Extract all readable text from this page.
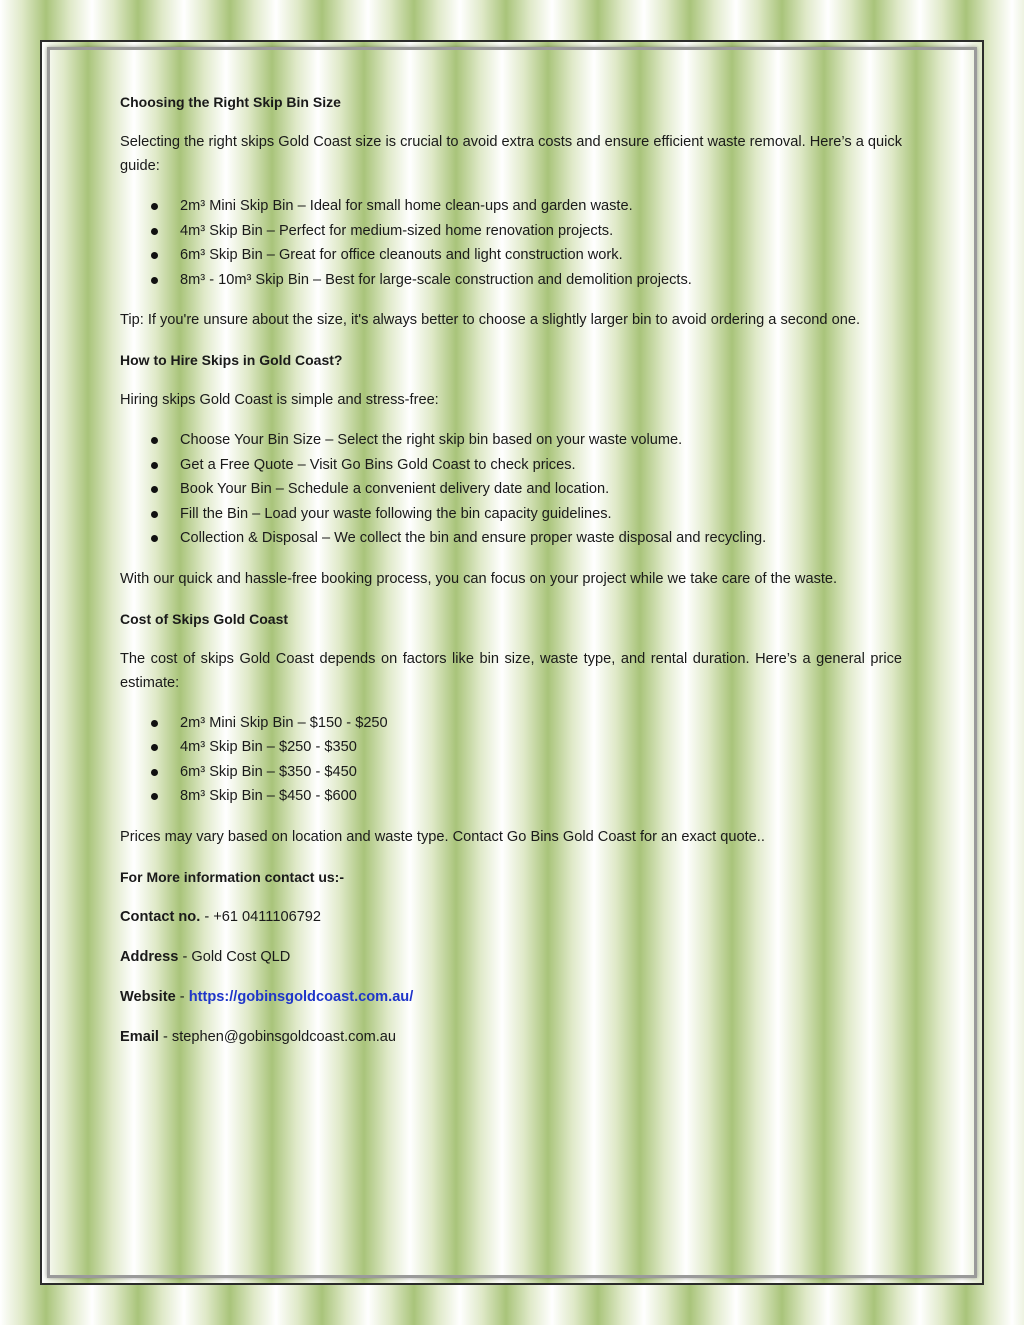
Choosing the Right Skip Bin Size

Selecting the right skips Gold Coast size is crucial to avoid extra costs and ensure efficient waste removal. Here’s a quick guide:

2m³ Mini Skip Bin – Ideal for small home clean-ups and garden waste.
4m³ Skip Bin – Perfect for medium-sized home renovation projects.
6m³ Skip Bin – Great for office cleanouts and light construction work.
8m³ - 10m³ Skip Bin – Best for large-scale construction and demolition projects.

Tip: If you're unsure about the size, it's always better to choose a slightly larger bin to avoid ordering a second one.

How to Hire Skips in Gold Coast?

Hiring skips Gold Coast is simple and stress-free:

Choose Your Bin Size – Select the right skip bin based on your waste volume.
Get a Free Quote – Visit Go Bins Gold Coast to check prices.
Book Your Bin – Schedule a convenient delivery date and location.
Fill the Bin – Load your waste following the bin capacity guidelines.
Collection & Disposal – We collect the bin and ensure proper waste disposal and recycling.

With our quick and hassle-free booking process, you can focus on your project while we take care of the waste.

Cost of Skips Gold Coast

The cost of skips Gold Coast depends on factors like bin size, waste type, and rental duration. Here’s a general price estimate:

2m³ Mini Skip Bin – $150 - $250
4m³ Skip Bin – $250 - $350
6m³ Skip Bin – $350 - $450
8m³ Skip Bin – $450 - $600

Prices may vary based on location and waste type. Contact Go Bins Gold Coast for an exact quote..

For More information contact us:-

Contact no. - +61 0411106792

Address - Gold Cost QLD

Website - https://gobinsgoldcoast.com.au/

Email - stephen@gobinsgoldcoast.com.au
